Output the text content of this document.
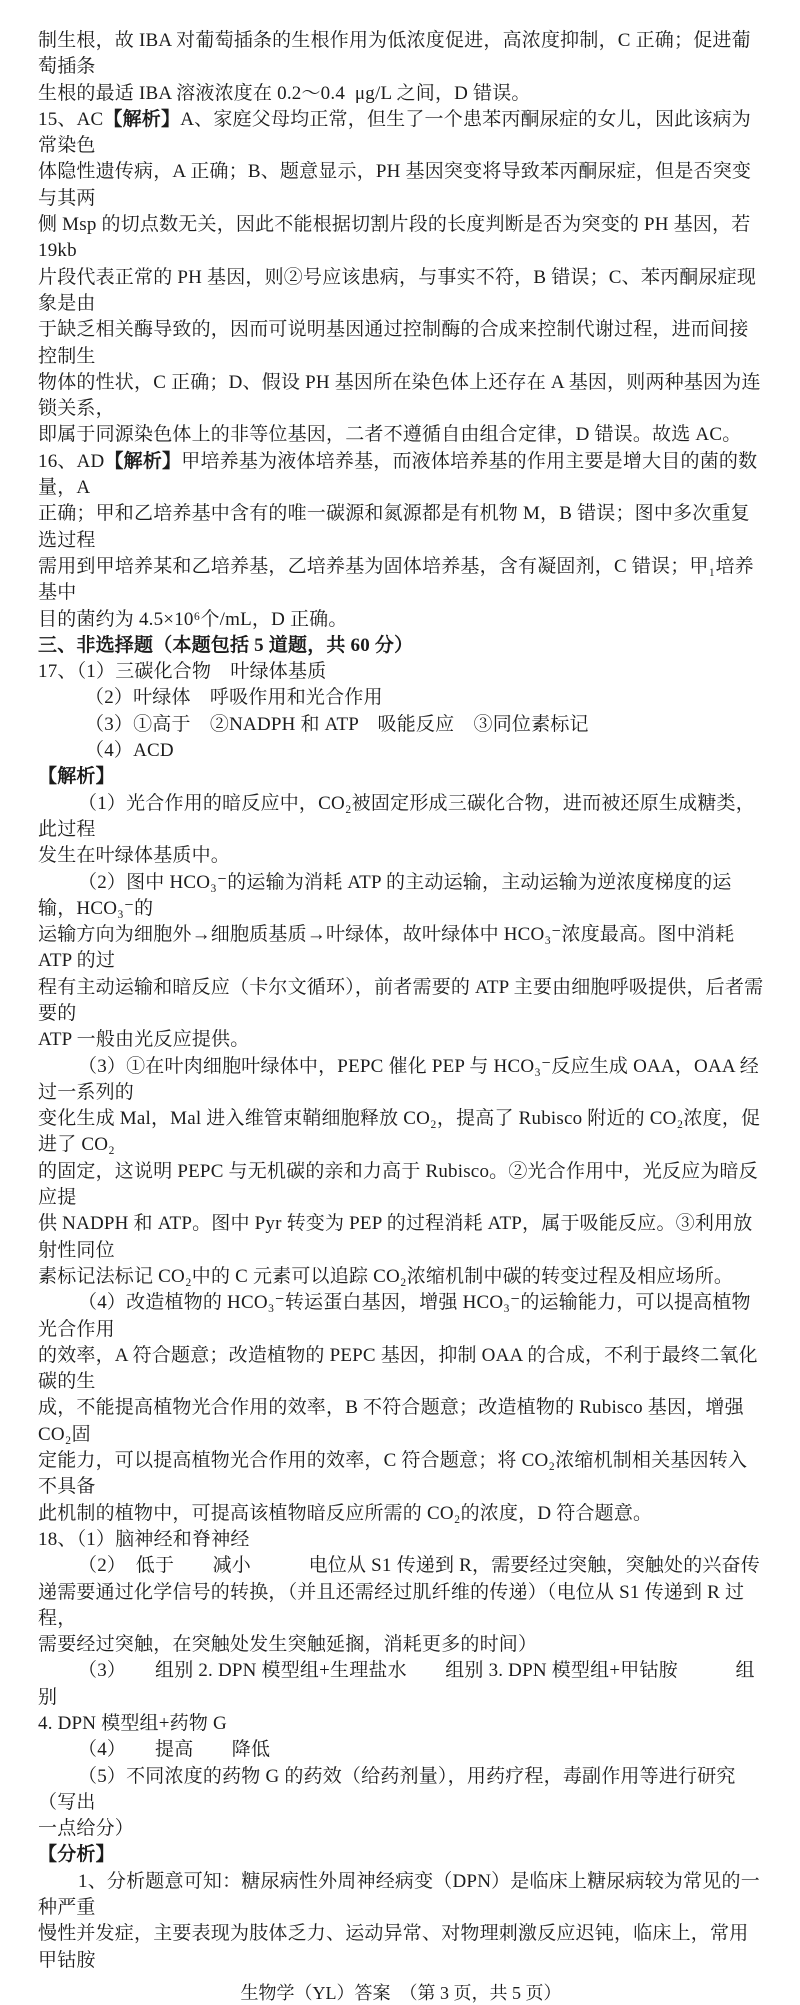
制生根，故 IBA 对葡萄插条的生根作用为低浓度促进，高浓度抑制，C 正确；促进葡萄插条
生根的最适 IBA 溶液浓度在 0.2～0.4  μg/L 之间，D 错误。
15、AC【解析】A、家庭父母均正常，但生了一个患苯丙酮尿症的女儿，因此该病为常染色
体隐性遗传病，A 正确；B、题意显示，PH 基因突变将导致苯丙酮尿症，但是否突变与其两
侧 Msp 的切点数无关，因此不能根据切割片段的长度判断是否为突变的 PH 基因，若 19kb
片段代表正常的 PH 基因，则②号应该患病，与事实不符，B 错误；C、苯丙酮尿症现象是由
于缺乏相关酶导致的，因而可说明基因通过控制酶的合成来控制代谢过程，进而间接控制生
物体的性状，C 正确；D、假设 PH 基因所在染色体上还存在 A 基因，则两种基因为连锁关系，
即属于同源染色体上的非等位基因，二者不遵循自由组合定律，D 错误。故选 AC。
16、AD【解析】甲培养基为液体培养基，而液体培养基的作用主要是增大目的菌的数量，A
正确；甲和乙培养基中含有的唯一碳源和氮源都是有机物 M，B 错误；图中多次重复选过程
需用到甲培养某和乙培养基，乙培养基为固体培养基，含有凝固剂，C 错误；甲₁培养基中
目的菌约为 4.5×10⁶个/mL，D 正确。
三、非选择题（本题包括 5 道题，共 60 分）
17、（1）三碳化合物　叶绿体基质
（2）叶绿体　呼吸作用和光合作用
（3）①高于　②NADPH 和 ATP　吸能反应　③同位素标记
（4）ACD
【解析】
（1）光合作用的暗反应中，CO₂被固定形成三碳化合物，进而被还原生成糖类，此过程
发生在叶绿体基质中。
（2）图中 HCO₃⁻的运输为消耗 ATP 的主动运输，主动运输为逆浓度梯度的运输，HCO₃⁻的
运输方向为细胞外→细胞质基质→叶绿体，故叶绿体中 HCO₃⁻浓度最高。图中消耗 ATP 的过
程有主动运输和暗反应（卡尔文循环），前者需要的 ATP 主要由细胞呼吸提供，后者需要的
ATP 一般由光反应提供。
（3）①在叶肉细胞叶绿体中，PEPC 催化 PEP 与 HCO₃⁻反应生成 OAA，OAA 经过一系列的
变化生成 Mal，Mal 进入维管束鞘细胞释放 CO₂，提高了 Rubisco 附近的 CO₂浓度，促进了 CO₂
的固定，这说明 PEPC 与无机碳的亲和力高于 Rubisco。②光合作用中，光反应为暗反应提
供 NADPH 和 ATP。图中 Pyr 转变为 PEP 的过程消耗 ATP，属于吸能反应。③利用放射性同位
素标记法标记 CO₂中的 C 元素可以追踪 CO₂浓缩机制中碳的转变过程及相应场所。
（4）改造植物的 HCO₃⁻转运蛋白基因，增强 HCO₃⁻的运输能力，可以提高植物光合作用
的效率，A 符合题意；改造植物的 PEPC 基因，抑制 OAA 的合成，不利于最终二氧化碳的生
成，不能提高植物光合作用的效率，B 不符合题意；改造植物的 Rubisco 基因，增强 CO₂固
定能力，可以提高植物光合作用的效率，C 符合题意；将 CO₂浓缩机制相关基因转入不具备
此机制的植物中，可提高该植物暗反应所需的 CO₂的浓度，D 符合题意。
18、（1）脑神经和脊神经
（2）　低于　　减小　　　电位从 S1 传递到 R，需要经过突触，突触处的兴奋传
递需要通过化学信号的转换，（并且还需经过肌纤维的传递）（电位从 S1 传递到 R 过程，
需要经过突触，在突触处发生突触延搁，消耗更多的时间）
（3）　　组别 2. DPN 模型组+生理盐水　　组别 3. DPN 模型组+甲钴胺　　　组别
4. DPN 模型组+药物 G
（4）　　提高　　降低
（5）不同浓度的药物 G 的药效（给药剂量），用药疗程，毒副作用等进行研究（写出
一点给分）
【分析】
1、分析题意可知：糖尿病性外周神经病变（DPN）是临床上糖尿病较为常见的一种严重
慢性并发症，主要表现为肢体乏力、运动异常、对物理刺激反应迟钝，临床上，常用甲钴胺
生物学（YL）答案　（第 3 页，共 5 页）
